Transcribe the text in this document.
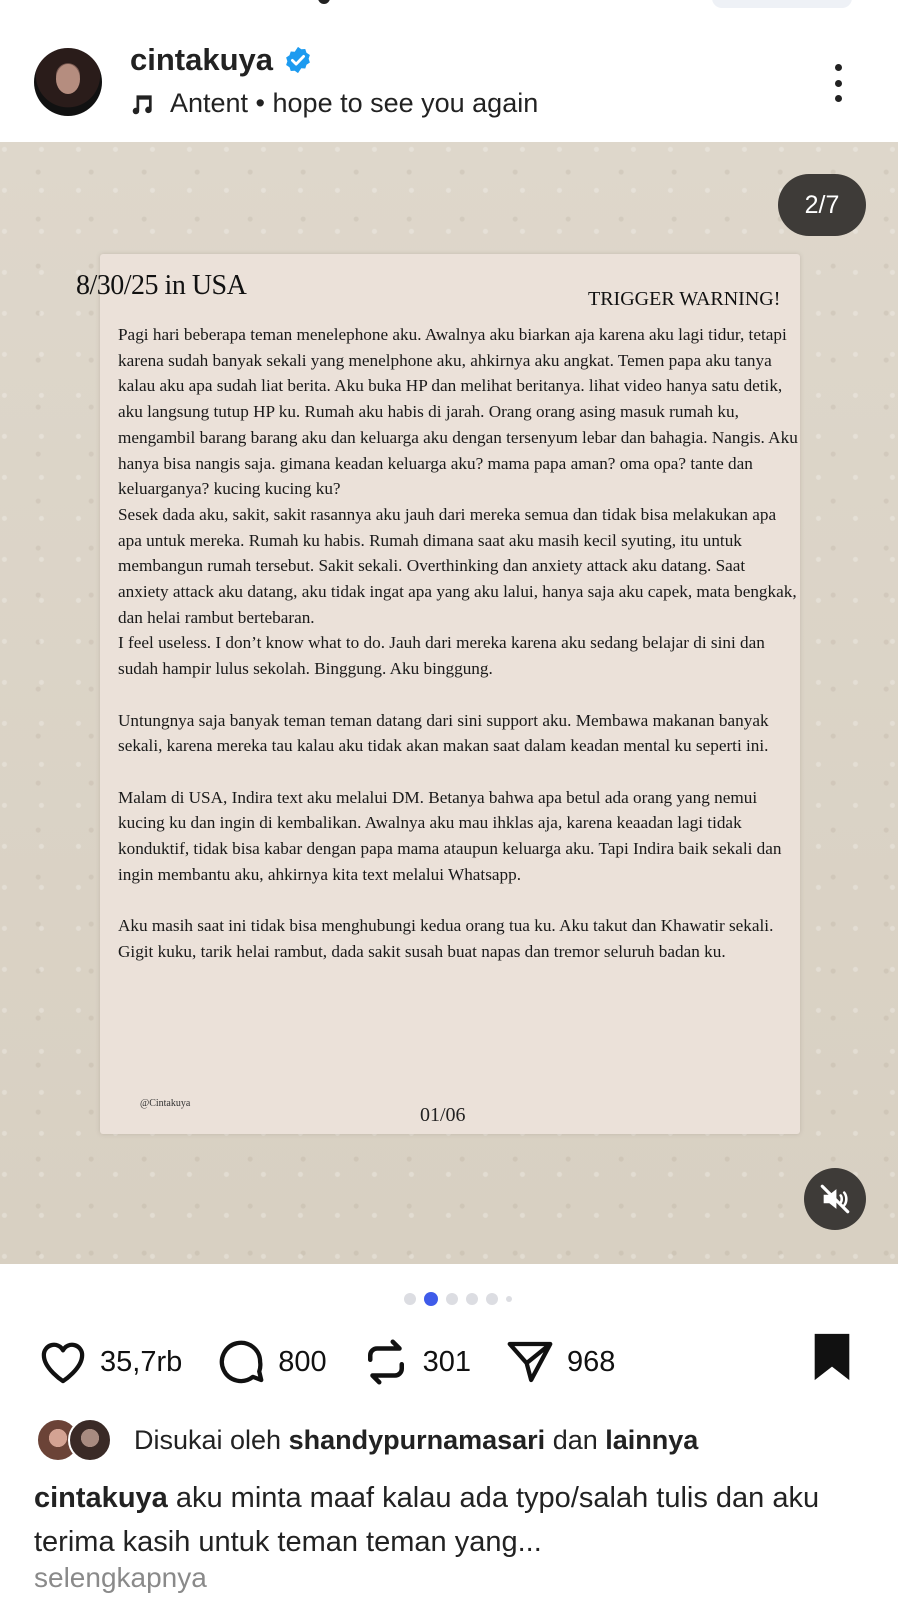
cintakuya
Antent • hope to see you again
2/7
8/30/25 in USA	TRIGGER WARNING!

Pagi hari beberapa teman menelephone aku. Awalnya aku biarkan aja karena aku lagi tidur, tetapi karena sudah banyak sekali yang menelphone aku, ahkirnya aku angkat. Temen papa aku tanya kalau aku apa sudah liat berita. Aku buka HP dan melihat beritanya. lihat video hanya satu detik, aku langsung tutup HP ku. Rumah aku habis di jarah. Orang orang asing masuk rumah ku, mengambil barang barang aku dan keluarga aku dengan tersenyum lebar dan bahagia. Nangis. Aku hanya bisa nangis saja. gimana keadan keluarga aku? mama papa aman? oma opa? tante dan keluarganya? kucing kucing ku?

Sesek dada aku, sakit, sakit rasannya aku jauh dari mereka semua dan tidak bisa melakukan apa apa untuk mereka. Rumah ku habis. Rumah dimana saat aku masih kecil syuting, itu untuk membangun rumah tersebut. Sakit sekali. Overthinking dan anxiety attack aku datang. Saat anxiety attack aku datang, aku tidak ingat apa yang aku lalui, hanya saja aku capek, mata bengkak, dan helai rambut bertebaran.

I feel useless. I don’t know what to do. Jauh dari mereka karena aku sedang belajar di sini dan sudah hampir lulus sekolah. Binggung. Aku binggung.

Untungnya saja banyak teman teman datang dari sini support aku. Membawa makanan banyak sekali, karena mereka tau kalau aku tidak akan makan saat dalam keadan mental ku seperti ini.

Malam di USA, Indira text aku melalui DM. Betanya bahwa apa betul ada orang yang nemui kucing ku dan ingin di kembalikan. Awalnya aku mau ihklas aja, karena keaadan lagi tidak konduktif, tidak bisa kabar dengan papa mama ataupun keluarga aku. Tapi Indira baik sekali dan ingin membantu aku, ahkirnya kita text melalui Whatsapp.

Aku masih saat ini tidak bisa menghubungi kedua orang tua ku. Aku takut dan Khawatir sekali. Gigit kuku, tarik helai rambut, dada sakit susah buat napas dan tremor seluruh badan ku.

@Cintakuya
01/06
35,7rb	800	301	968
Disukai oleh shandypurnamasari dan lainnya
cintakuya aku minta maaf kalau ada typo/salah tulis dan aku terima kasih untuk teman teman yang...
selengkapnya
